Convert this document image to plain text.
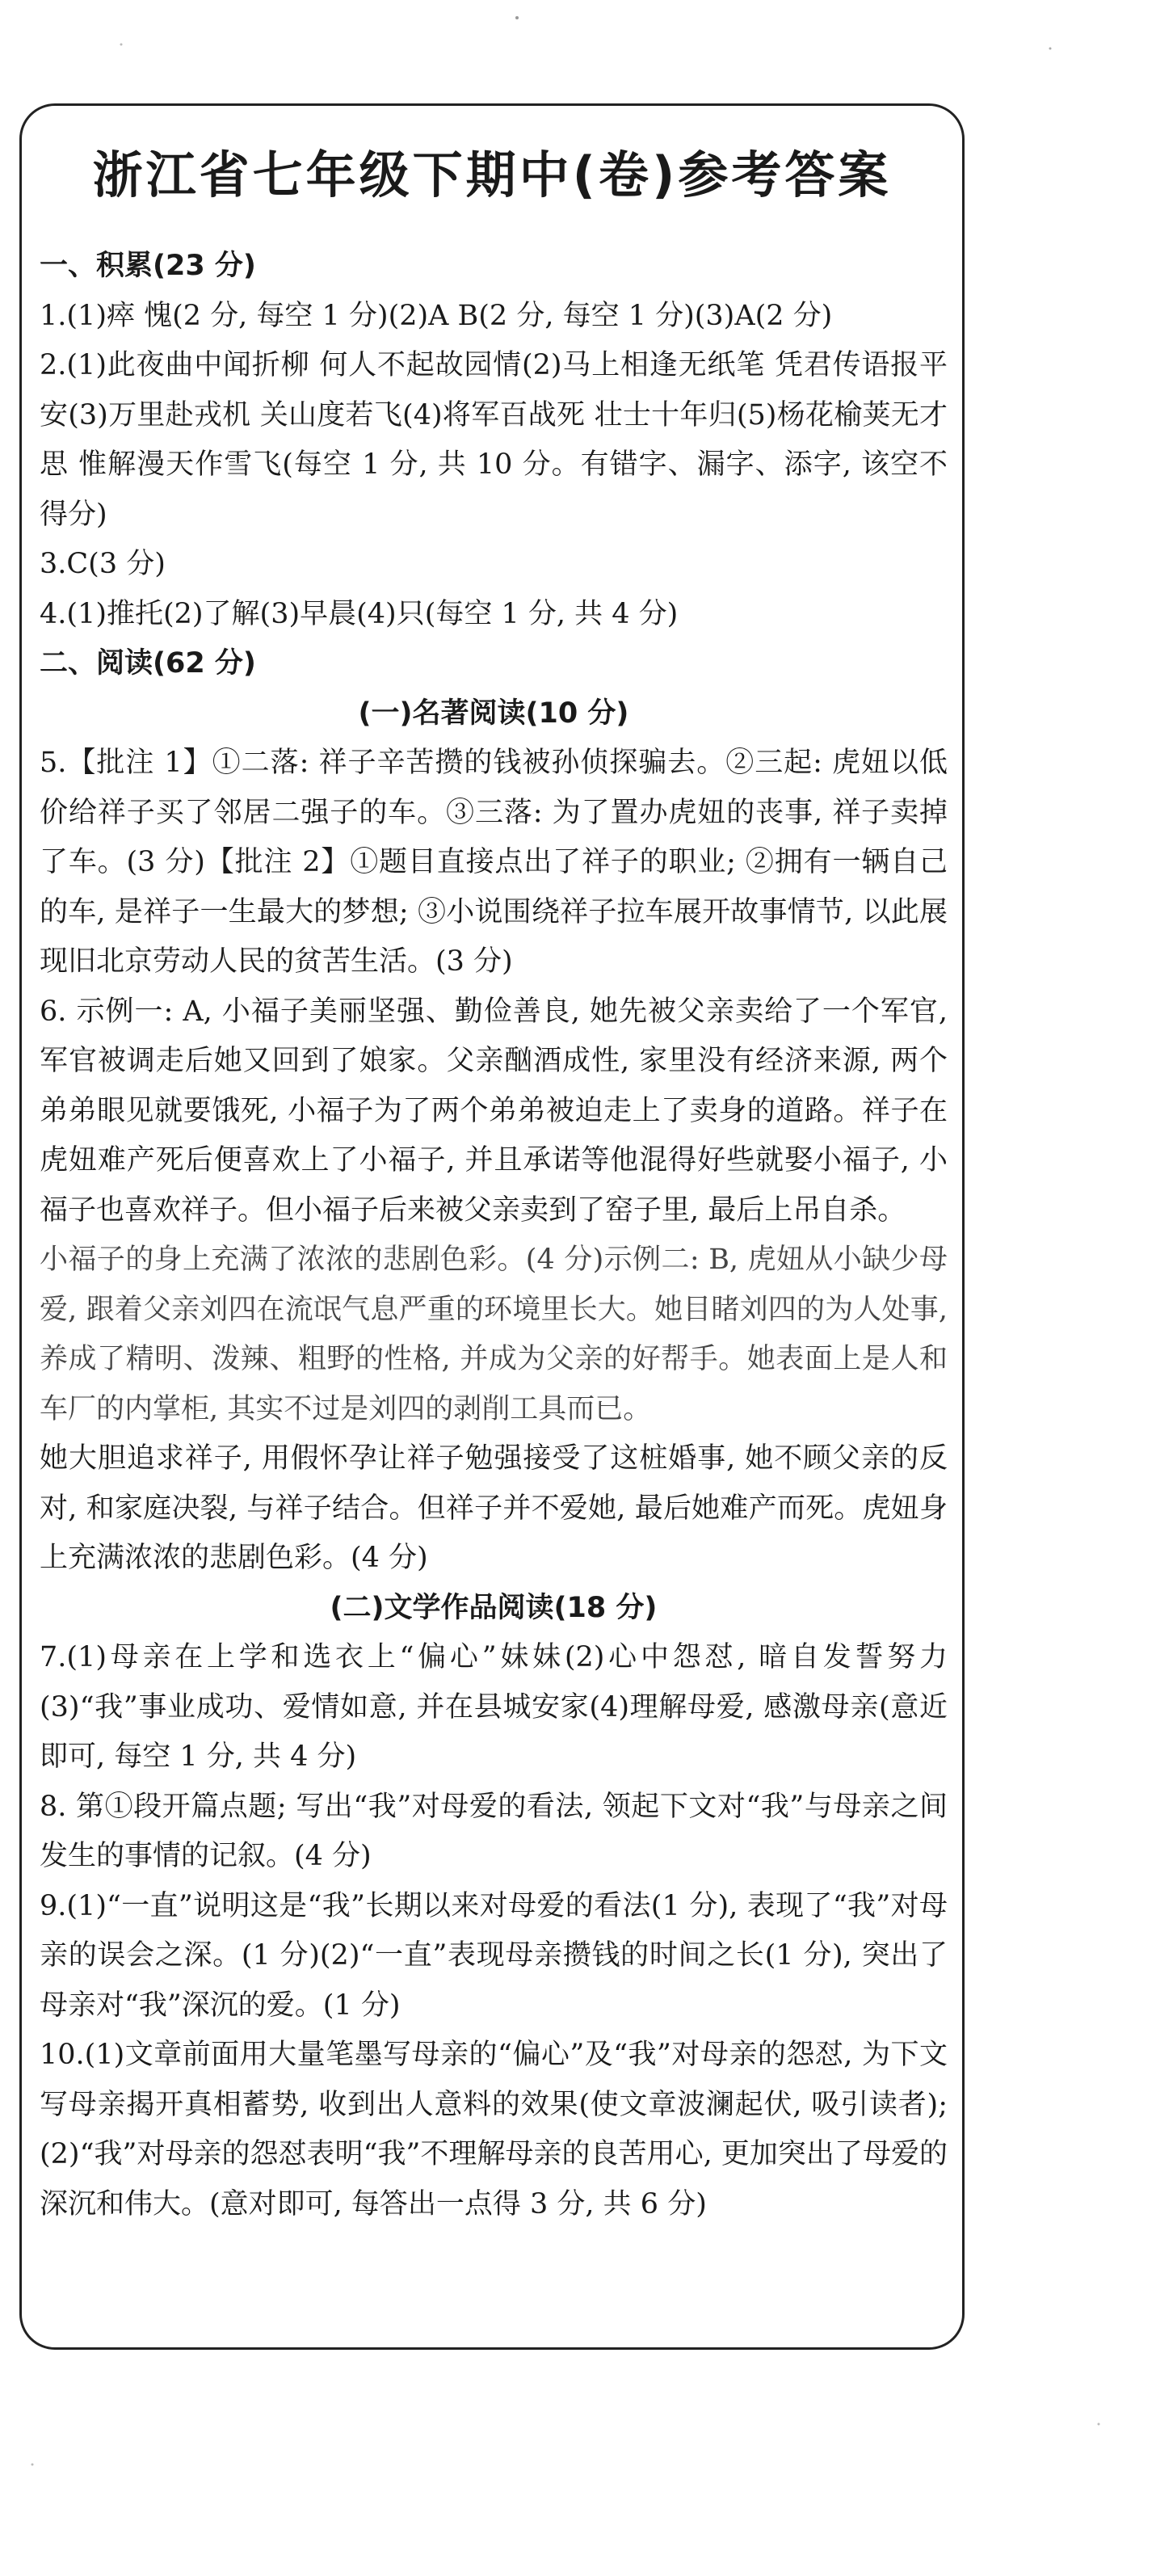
浙江省七年级下期中(卷)参考答案

一、积累(23 分)

1.(1)瘁 愧(2 分, 每空 1 分)(2)A B(2 分, 每空 1 分)(3)A(2 分)

2.(1)此夜曲中闻折柳 何人不起故园情(2)马上相逢无纸笔 凭君传语报平安(3)万里赴戎机 关山度若飞(4)将军百战死 壮士十年归(5)杨花榆荚无才思 惟解漫天作雪飞(每空 1 分, 共 10 分。有错字、漏字、添字, 该空不得分)

3.C(3 分)

4.(1)推托(2)了解(3)早晨(4)只(每空 1 分, 共 4 分)

二、阅读(62 分)

(一)名著阅读(10 分)

5.【批注 1】①二落: 祥子辛苦攒的钱被孙侦探骗去。②三起: 虎妞以低价给祥子买了邻居二强子的车。③三落: 为了置办虎妞的丧事, 祥子卖掉了车。(3 分)【批注 2】①题目直接点出了祥子的职业; ②拥有一辆自己的车, 是祥子一生最大的梦想; ③小说围绕祥子拉车展开故事情节, 以此展现旧北京劳动人民的贫苦生活。(3 分)

6. 示例一: A, 小福子美丽坚强、勤俭善良, 她先被父亲卖给了一个军官, 军官被调走后她又回到了娘家。父亲酗酒成性, 家里没有经济来源, 两个弟弟眼见就要饿死, 小福子为了两个弟弟被迫走上了卖身的道路。祥子在虎妞难产死后便喜欢上了小福子, 并且承诺等他混得好些就娶小福子, 小福子也喜欢祥子。但小福子后来被父亲卖到了窑子里, 最后上吊自杀。

小福子的身上充满了浓浓的悲剧色彩。(4 分)示例二: B, 虎妞从小缺少母爱, 跟着父亲刘四在流氓气息严重的环境里长大。她目睹刘四的为人处事, 养成了精明、泼辣、粗野的性格, 并成为父亲的好帮手。她表面上是人和车厂的内掌柜, 其实不过是刘四的剥削工具而已。

她大胆追求祥子, 用假怀孕让祥子勉强接受了这桩婚事, 她不顾父亲的反对, 和家庭决裂, 与祥子结合。但祥子并不爱她, 最后她难产而死。虎妞身上充满浓浓的悲剧色彩。(4 分)

(二)文学作品阅读(18 分)

7.(1)母亲在上学和选衣上“偏心”妹妹(2)心中怨怼, 暗自发誓努力(3)“我”事业成功、爱情如意, 并在县城安家(4)理解母爱, 感激母亲(意近即可, 每空 1 分, 共 4 分)

8. 第①段开篇点题; 写出“我”对母爱的看法, 领起下文对“我”与母亲之间发生的事情的记叙。(4 分)

9.(1)“一直”说明这是“我”长期以来对母爱的看法(1 分), 表现了“我”对母亲的误会之深。(1 分)(2)“一直”表现母亲攒钱的时间之长(1 分), 突出了母亲对“我”深沉的爱。(1 分)

10.(1)文章前面用大量笔墨写母亲的“偏心”及“我”对母亲的怨怼, 为下文写母亲揭开真相蓄势, 收到出人意料的效果(使文章波澜起伏, 吸引读者); (2)“我”对母亲的怨怼表明“我”不理解母亲的良苦用心, 更加突出了母爱的深沉和伟大。(意对即可, 每答出一点得 3 分, 共 6 分)
